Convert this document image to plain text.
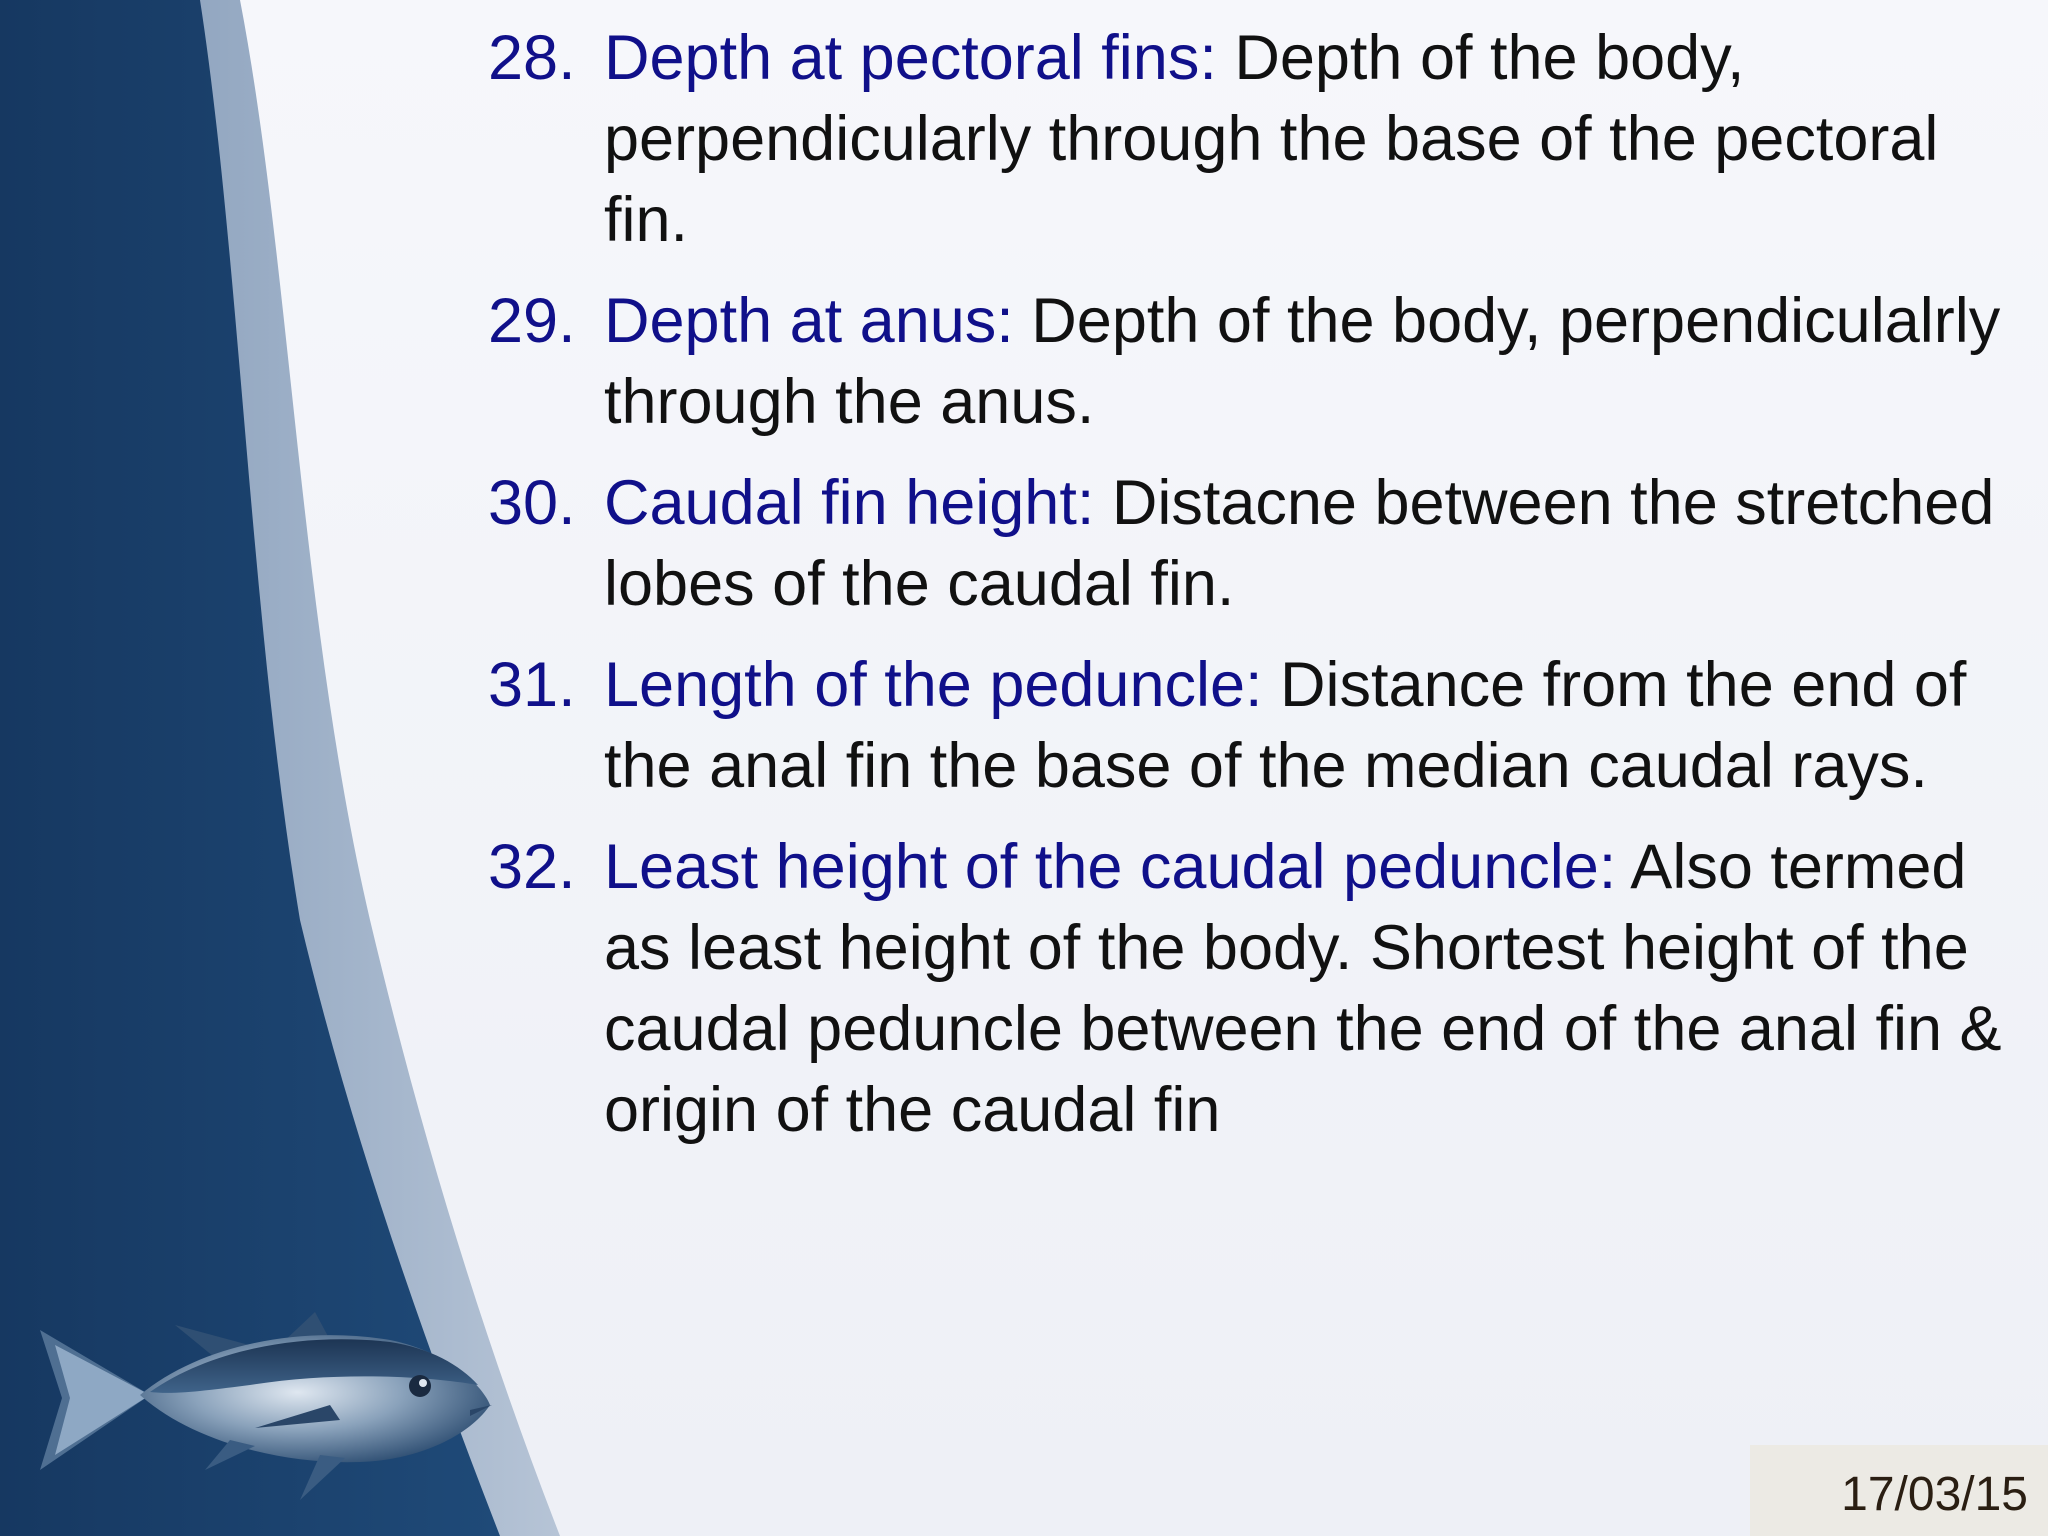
28. Depth at pectoral fins: Depth of the body, perpendicularly through the base of the pectoral fin.
29. Depth at anus: Depth of the body, perpendiculalrly through the anus.
30. Caudal fin height: Distacne between the stretched lobes of the caudal fin.
31. Length of the peduncle: Distance from the end of the anal fin the base of the median caudal rays.
32. Least height of the caudal peduncle: Also termed as least height of the body. Shortest height of the caudal peduncle between the end of the anal fin & origin of the caudal fin
17/03/15
